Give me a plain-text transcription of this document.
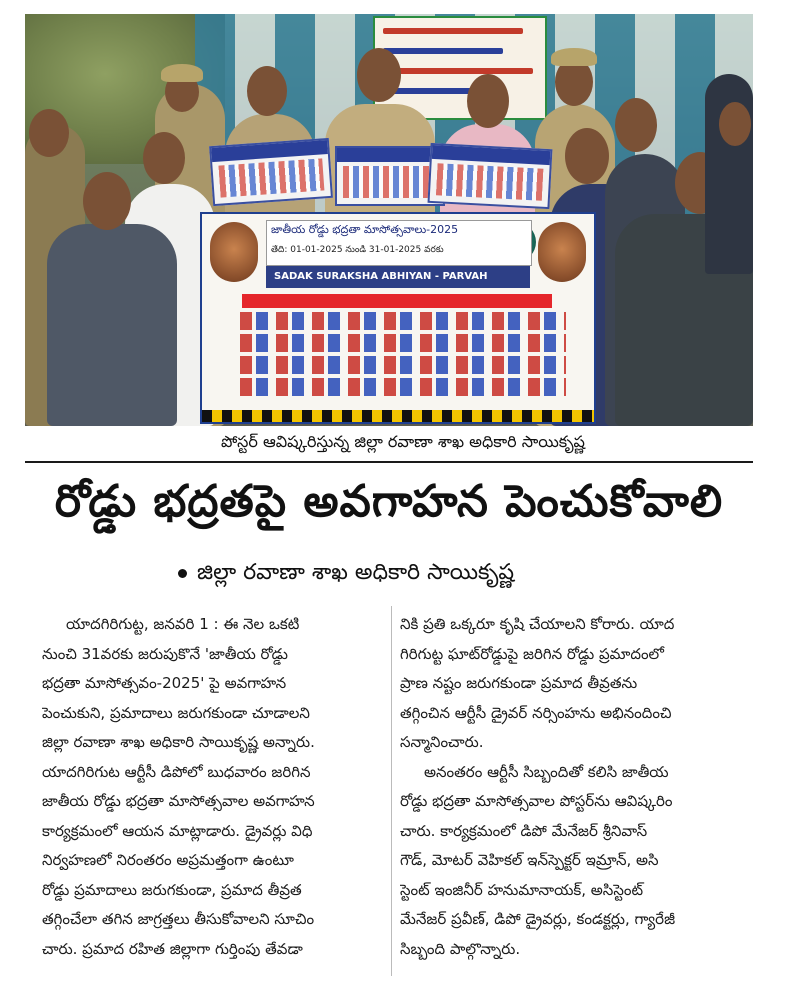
జాతీయ రోడ్డు భద్రతా మాసోత్సవాలు-2025
తేది: 01-01-2025 నుండి 31-01-2025 వరకు
SADAK SURAKSHA ABHIYAN - PARVAH
పోస్టర్ ఆవిష్కరిస్తున్న జిల్లా రవాణా శాఖ అధికారి సాయికృష్ణ
రోడ్డు భద్రతపై అవగాహన పెంచుకోవాలి
జిల్లా రవాణా శాఖ అధికారి సాయికృష్ణ
యాదగిరిగుట్ట, జనవరి 1 : ఈ నెల ఒకటి
నుంచి 31వరకు జరుపుకొనే 'జాతీయ రోడ్డు
భద్రతా మాసోత్సవం-2025' పై అవగాహన
పెంచుకుని, ప్రమాదాలు జరుగకుండా చూడాలని
జిల్లా రవాణా శాఖ అధికారి సాయికృష్ణ అన్నారు.
యాదగిరిగుట ఆర్టీసీ డిపోలో బుధవారం జరిగిన
జాతీయ రోడ్డు భద్రతా మాసోత్సవాల అవగాహన
కార్యక్రమంలో ఆయన మాట్లాడారు. డ్రైవర్లు విధి
నిర్వహణలో నిరంతరం అప్రమత్తంగా ఉంటూ
రోడ్డు ప్రమాదాలు జరుగకుండా, ప్రమాద తీవ్రత
తగ్గించేలా తగిన జాగ్రత్తలు తీసుకోవాలని సూచిం
చారు. ప్రమాద రహిత జిల్లాగా గుర్తింపు తేవడా
నికి ప్రతి ఒక్కరూ కృషి చేయాలని కోరారు. యాద
గిరిగుట్ట ఘాట్‌రోడ్డుపై జరిగిన రోడ్డు ప్రమాదంలో
ప్రాణ నష్టం జరుగకుండా ప్రమాద తీవ్రతను
తగ్గించిన ఆర్టీసీ డ్రైవర్ నర్సింహను అభినందించి
సన్మానించారు.
అనంతరం ఆర్టీసీ సిబ్బందితో కలిసి జాతీయ
రోడ్డు భద్రతా మాసోత్సవాల పోస్టర్‌ను ఆవిష్కరిం
చారు. కార్యక్రమంలో డిపో మేనేజర్ శ్రీనివాస్
గౌడ్, మోటర్ వెహికల్ ఇన్‌స్పెక్టర్ ఇమ్రాన్, అసి
స్టెంట్ ఇంజినీర్ హనుమానాయక్, అసిస్టెంట్
మేనేజర్ ప్రవీణ్, డిపో డ్రైవర్లు, కండక్టర్లు, గ్యారేజీ
సిబ్బంది పాల్గొన్నారు.
